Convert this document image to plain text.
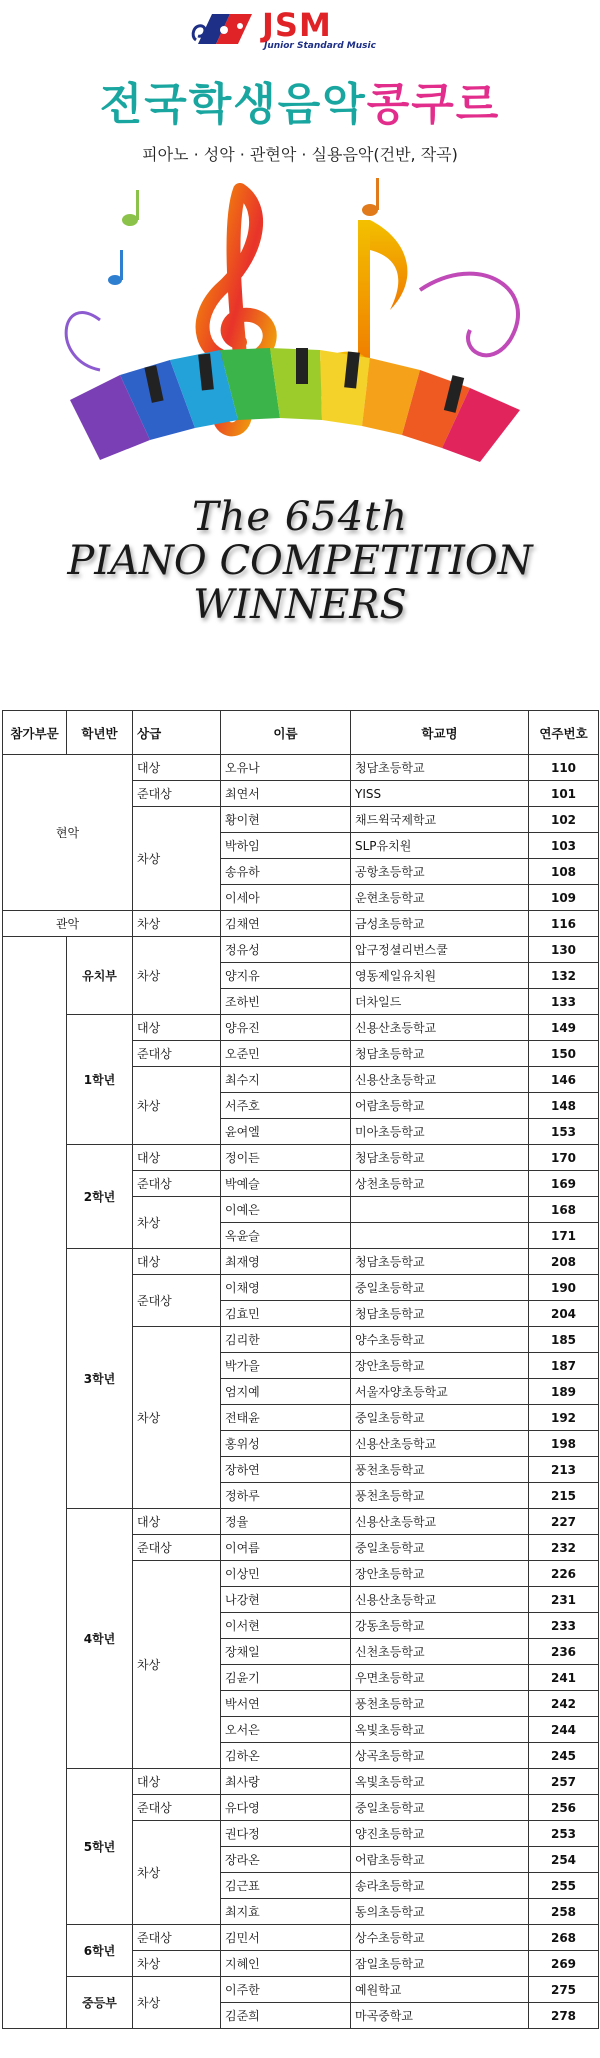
JSM
Junior Standard Music
전국학생음악콩쿠르
피아노 · 성악 · 관현악 · 실용음악(건반, 작곡)
The 654th
PIANO COMPETITION
WINNERS
참가부문	학년반	상급	이름	학교명	연주번호
현악		대상	오유나	청담초등학교	110
		준대상	최연서	YISS	101
		차상	황이현	채드윅국제학교	102
			박하임	SLP유치원	103
			송유하	공항초등학교	108
			이세아	운현초등학교	109
관악		차상	김채연	금성초등학교	116
	유치부	차상	정유성	압구정셜리번스쿨	130
			양지유	영동제일유치원	132
			조하빈	더차일드	133
	1학년	대상	양유진	신용산초등학교	149
		준대상	오준민	청담초등학교	150
		차상	최수지	신용산초등학교	146
			서주호	어람초등학교	148
			윤여엘	미아초등학교	153
	2학년	대상	정이든	청담초등학교	170
		준대상	박예슬	상천초등학교	169
		차상	이예은		168
			옥윤슬		171
	3학년	대상	최재영	청담초등학교	208
		준대상	이채영	중일초등학교	190
			김효민	청담초등학교	204
		차상	김리한	양수초등학교	185
			박가을	장안초등학교	187
			엄지예	서울자양초등학교	189
			전태윤	중일초등학교	192
			홍위성	신용산초등학교	198
			장하연	풍천초등학교	213
			정하루	풍천초등학교	215
	4학년	대상	정율	신용산초등학교	227
		준대상	이여름	중일초등학교	232
		차상	이상민	장안초등학교	226
			나강현	신용산초등학교	231
			이서현	강동초등학교	233
			장채일	신천초등학교	236
			김윤기	우면초등학교	241
			박서연	풍천초등학교	242
			오서은	옥빛초등학교	244
			김하온	상곡초등학교	245
	5학년	대상	최사랑	옥빛초등학교	257
		준대상	유다영	중일초등학교	256
		차상	권다정	양진초등학교	253
			장라온	어람초등학교	254
			김근표	송라초등학교	255
			최지효	동의초등학교	258
	6학년	준대상	김민서	상수초등학교	268
		차상	지혜인	잠일초등학교	269
	중등부	차상	이주한	예원학교	275
			김준희	마곡중학교	278
